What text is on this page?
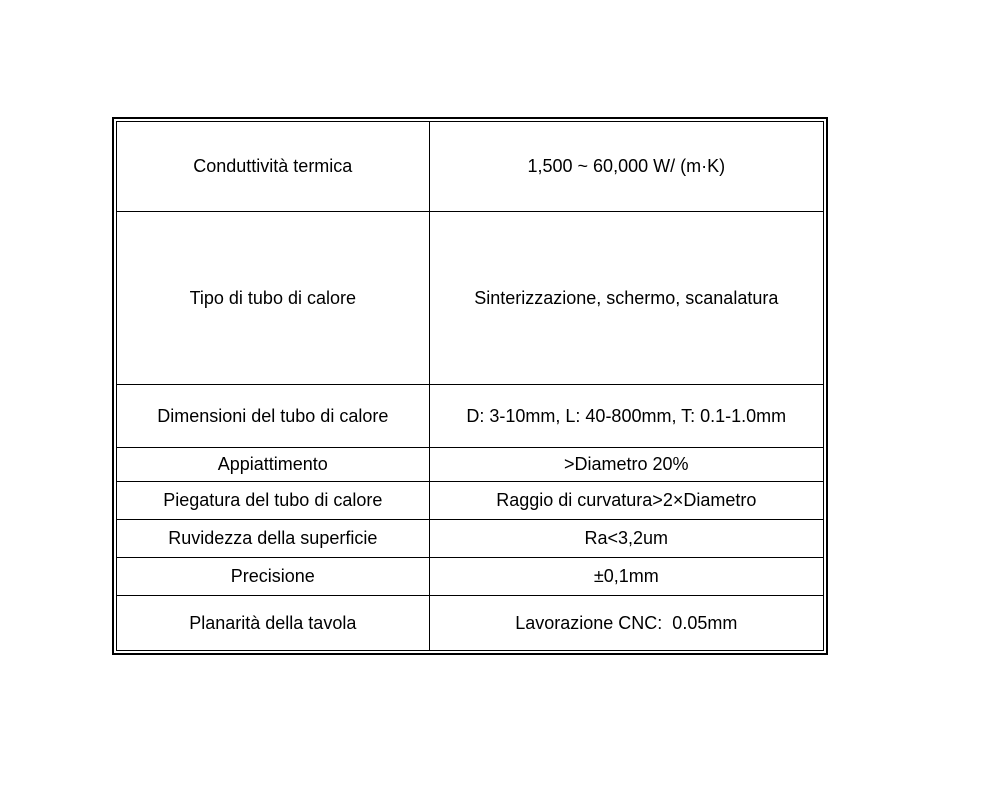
Conduttività termica	1,500 ~ 60,000 W/ (m·K)
Tipo di tubo di calore	Sinterizzazione, schermo, scanalatura
Dimensioni del tubo di calore	D: 3-10mm, L: 40-800mm, T: 0.1-1.0mm
Appiattimento	>Diametro 20%
Piegatura del tubo di calore	Raggio di curvatura>2×Diametro
Ruvidezza della superficie	Ra<3,2um
Precisione	±0,1mm
Planarità della tavola	Lavorazione CNC:  0.05mm
